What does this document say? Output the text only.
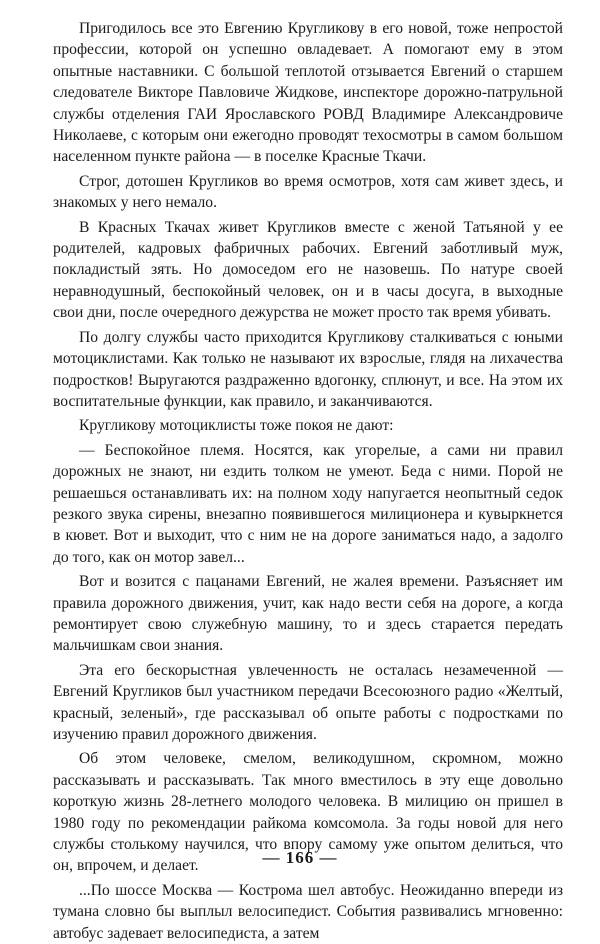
Пригодилось все это Евгению Кругликову в его новой, тоже непростой профессии, которой он успешно овладевает. А помогают ему в этом опытные наставники. С большой теплотой отзывается Евгений о старшем следователе Викторе Павловиче Жидкове, инспекторе дорожно-патрульной службы отделения ГАИ Ярославского РОВД Владимире Александровиче Николаеве, с которым они ежегодно проводят техосмотры в самом большом населенном пункте района — в поселке Красные Ткачи.

Строг, дотошен Кругликов во время осмотров, хотя сам живет здесь, и знакомых у него немало.

В Красных Ткачах живет Кругликов вместе с женой Татьяной у ее родителей, кадровых фабричных рабочих. Евгений заботливый муж, покладистый зять. Но домоседом его не назовешь. По натуре своей неравнодушный, беспокойный человек, он и в часы досуга, в выходные свои дни, после очередного дежурства не может просто так время убивать.

По долгу службы часто приходится Кругликову сталкиваться с юными мотоциклистами. Как только не называют их взрослые, глядя на лихачества подростков! Выругаются раздраженно вдогонку, сплюнут, и все. На этом их воспитательные функции, как правило, и заканчиваются.

Кругликову мотоциклисты тоже покоя не дают:

— Беспокойное племя. Носятся, как угорелые, а сами ни правил дорожных не знают, ни ездить толком не умеют. Беда с ними. Порой не решаешься останавливать их: на полном ходу напугается неопытный седок резкого звука сирены, внезапно появившегося милиционера и кувыркнется в кювет. Вот и выходит, что с ним не на дороге заниматься надо, а задолго до того, как он мотор завел...

Вот и возится с пацанами Евгений, не жалея времени. Разъясняет им правила дорожного движения, учит, как надо вести себя на дороге, а когда ремонтирует свою служебную машину, то и здесь старается передать мальчишкам свои знания.

Эта его бескорыстная увлеченность не осталась незамеченной — Евгений Кругликов был участником передачи Всесоюзного радио «Желтый, красный, зеленый», где рассказывал об опыте работы с подростками по изучению правил дорожного движения.

Об этом человеке, смелом, великодушном, скромном, можно рассказывать и рассказывать. Так много вместилось в эту еще довольно короткую жизнь 28-летнего молодого человека. В милицию он пришел в 1980 году по рекомендации райкома комсомола. За годы новой для него службы столькому научился, что впору самому уже опытом делиться, что он, впрочем, и делает.

...По шоссе Москва — Кострома шел автобус. Неожиданно впереди из тумана словно бы выплыл велосипедист. События развивались мгновенно: автобус задевает велосипедиста, а затем

— 166 —
